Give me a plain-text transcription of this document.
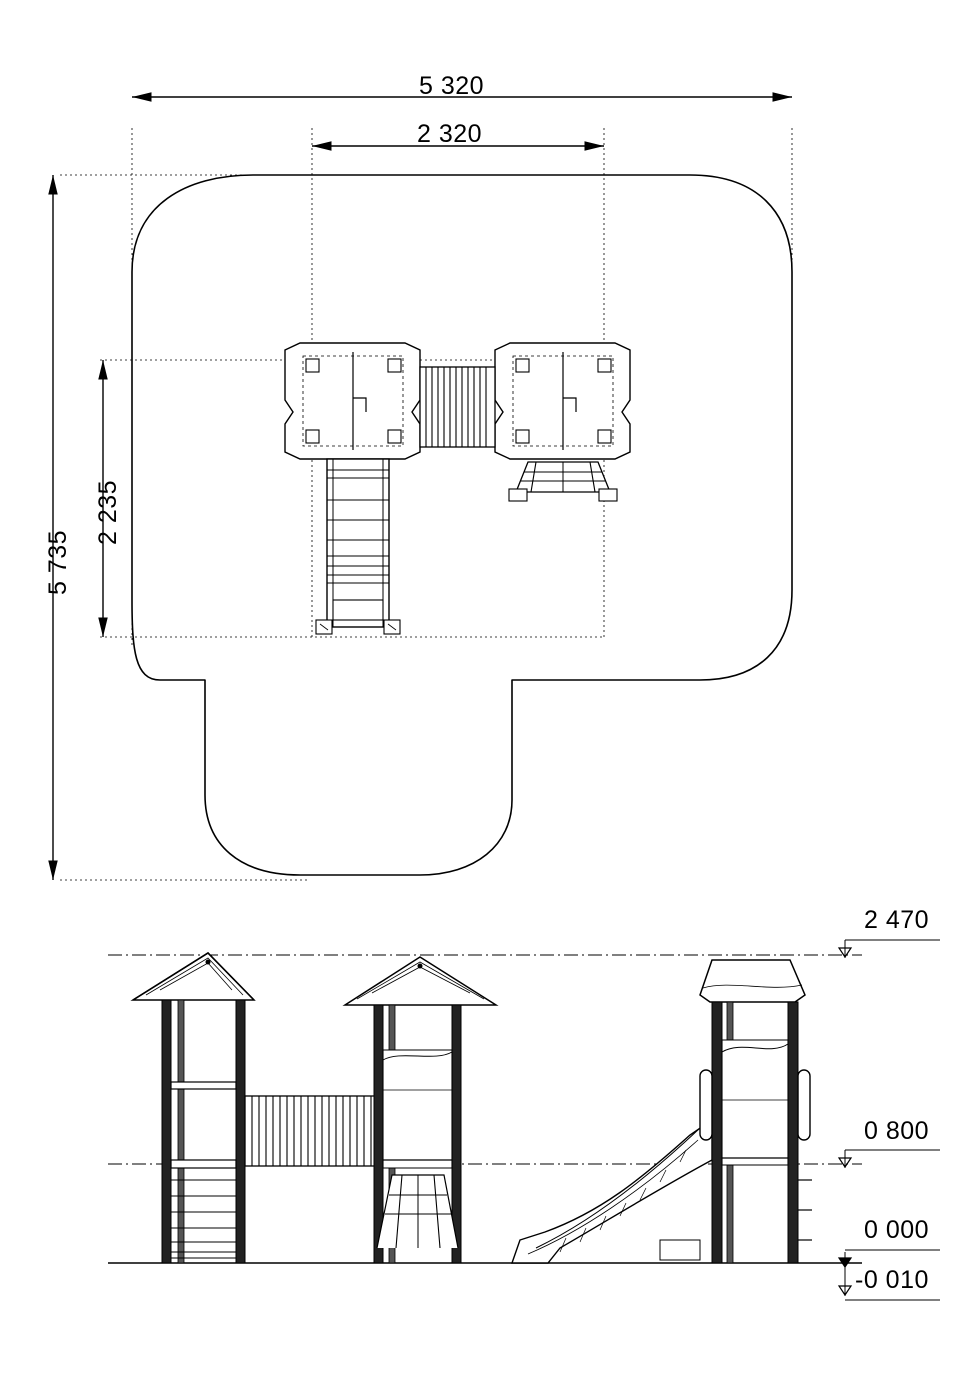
5 320
2 320
5 735
2 235
2 470
0 800
0 000
-0 010
